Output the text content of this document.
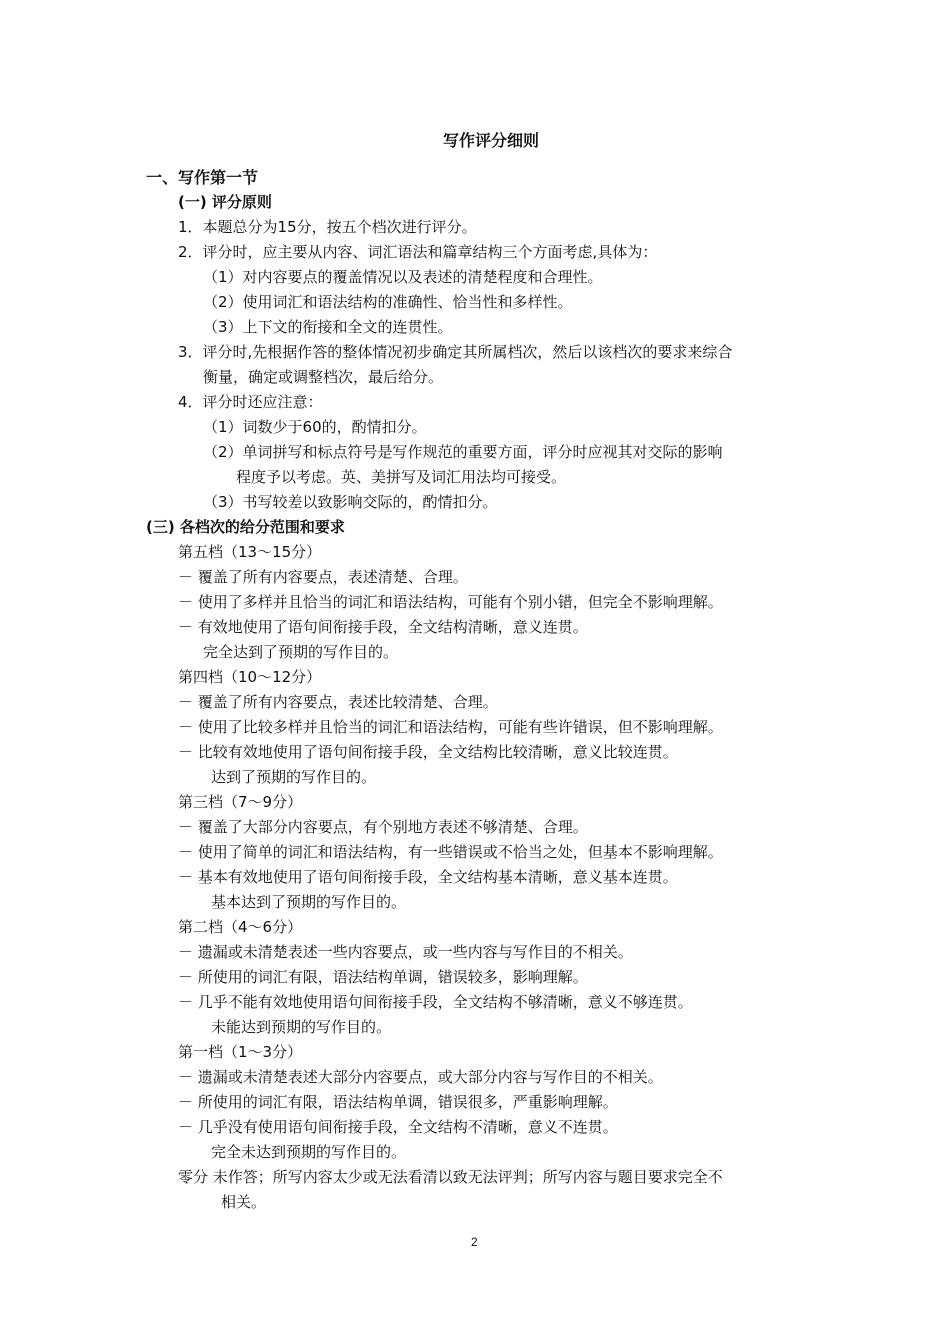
写作评分细则
一、写作第一节
(一) 评分原则
1．本题总分为15分，按五个档次进行评分。
2．评分时，应主要从内容、词汇语法和篇章结构三个方面考虑,具体为：
（1）对内容要点的覆盖情况以及表述的清楚程度和合理性。
（2）使用词汇和语法结构的准确性、恰当性和多样性。
（3）上下文的衔接和全文的连贯性。
3．评分时,先根据作答的整体情况初步确定其所属档次，然后以该档次的要求来综合
衡量，确定或调整档次，最后给分。
4．评分时还应注意：
（1）词数少于60的，酌情扣分。
（2）单词拼写和标点符号是写作规范的重要方面，评分时应视其对交际的影响
程度予以考虑。英、美拼写及词汇用法均可接受。
（3）书写较差以致影响交际的，酌情扣分。
(三) 各档次的给分范围和要求
第五档（13～15分）
－ 覆盖了所有内容要点，表述清楚、合理。
－ 使用了多样并且恰当的词汇和语法结构，可能有个别小错，但完全不影响理解。
－ 有效地使用了语句间衔接手段，全文结构清晰，意义连贯。
完全达到了预期的写作目的。
第四档（10～12分）
－ 覆盖了所有内容要点，表述比较清楚、合理。
－ 使用了比较多样并且恰当的词汇和语法结构，可能有些许错误，但不影响理解。
－ 比较有效地使用了语句间衔接手段，全文结构比较清晰，意义比较连贯。
达到了预期的写作目的。
第三档（7～9分）
－ 覆盖了大部分内容要点，有个别地方表述不够清楚、合理。
－ 使用了简单的词汇和语法结构，有一些错误或不恰当之处，但基本不影响理解。
－ 基本有效地使用了语句间衔接手段，全文结构基本清晰，意义基本连贯。
基本达到了预期的写作目的。
第二档（4～6分）
－ 遗漏或未清楚表述一些内容要点，或一些内容与写作目的不相关。
－ 所使用的词汇有限，语法结构单调，错误较多，影响理解。
－ 几乎不能有效地使用语句间衔接手段，全文结构不够清晰，意义不够连贯。
未能达到预期的写作目的。
第一档（1～3分）
－ 遗漏或未清楚表述大部分内容要点，或大部分内容与写作目的不相关。
－ 所使用的词汇有限，语法结构单调，错误很多，严重影响理解。
－ 几乎没有使用语句间衔接手段，全文结构不清晰，意义不连贯。
完全未达到预期的写作目的。
零分 未作答；所写内容太少或无法看清以致无法评判；所写内容与题目要求完全不
相关。
2
